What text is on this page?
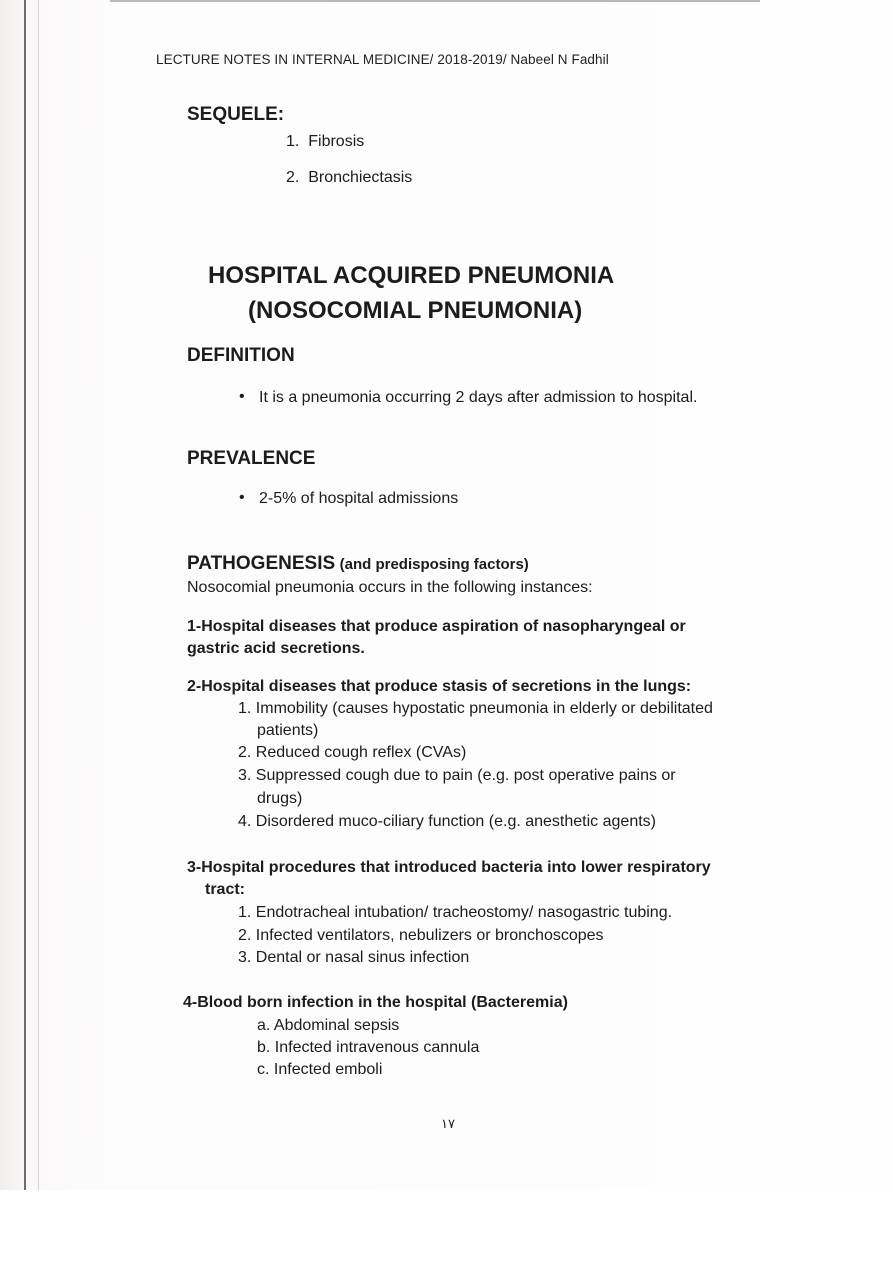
LECTURE NOTES IN INTERNAL MEDICINE/ 2018-2019/ Nabeel N Fadhil
SEQUELE:
1. Fibrosis
2. Bronchiectasis
HOSPITAL ACQUIRED PNEUMONIA
(NOSOCOMIAL PNEUMONIA)
DEFINITION
• It is a pneumonia occurring 2 days after admission to hospital.
PREVALENCE
• 2-5% of hospital admissions
PATHOGENESIS (and predisposing factors)
Nosocomial pneumonia occurs in the following instances:
1-Hospital diseases that produce aspiration of nasopharyngeal or
gastric acid secretions.
2-Hospital diseases that produce stasis of secretions in the lungs:
1. Immobility (causes hypostatic pneumonia in elderly or debilitated
patients)
2. Reduced cough reflex (CVAs)
3. Suppressed cough due to pain (e.g. post operative pains or
drugs)
4. Disordered muco-ciliary function (e.g. anesthetic agents)
3-Hospital procedures that introduced bacteria into lower respiratory
tract:
1. Endotracheal intubation/ tracheostomy/ nasogastric tubing.
2. Infected ventilators, nebulizers or bronchoscopes
3. Dental or nasal sinus infection
4-Blood born infection in the hospital (Bacteremia)
a. Abdominal sepsis
b. Infected intravenous cannula
c. Infected emboli
١٧
